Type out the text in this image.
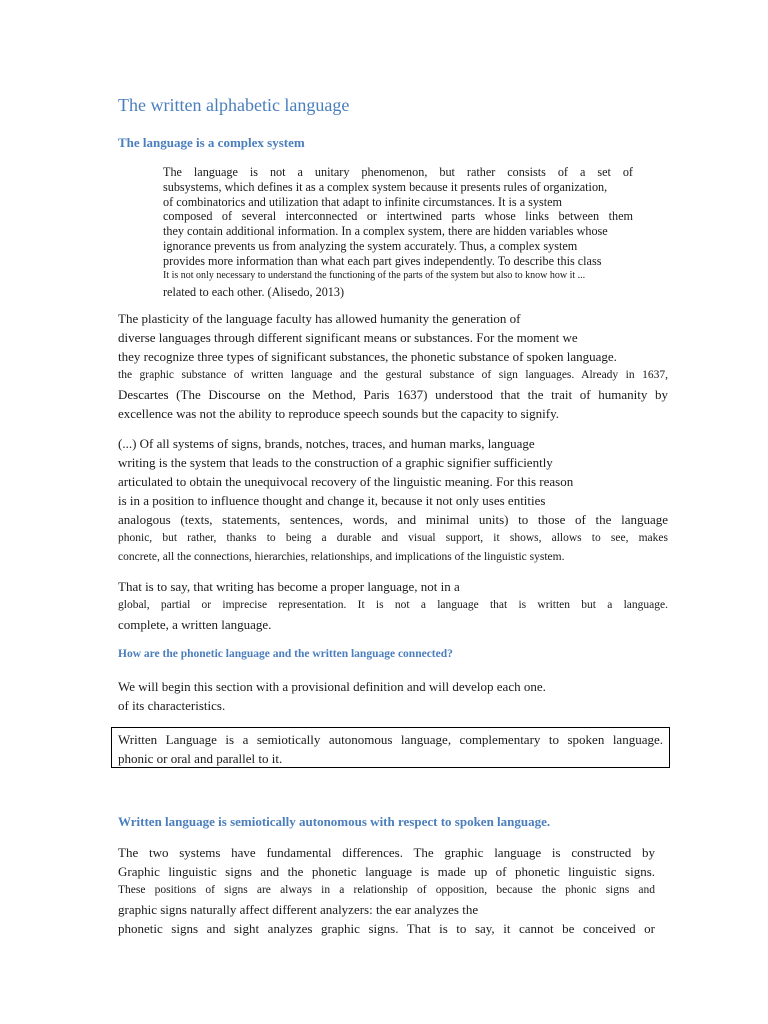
The written alphabetic language
The language is a complex system
The language is not a unitary phenomenon, but rather consists of a set of
subsystems, which defines it as a complex system because it presents rules of organization,
of combinatorics and utilization that adapt to infinite circumstances. It is a system
composed of several interconnected or intertwined parts whose links between them
they contain additional information. In a complex system, there are hidden variables whose
ignorance prevents us from analyzing the system accurately. Thus, a complex system
provides more information than what each part gives independently. To describe this class
It is not only necessary to understand the functioning of the parts of the system but also to know how it ...
related to each other. (Alisedo, 2013)
The plasticity of the language faculty has allowed humanity the generation of
diverse languages through different significant means or substances. For the moment we
they recognize three types of significant substances, the phonetic substance of spoken language.
the graphic substance of written language and the gestural substance of sign languages. Already in 1637,
Descartes (The Discourse on the Method, Paris 1637) understood that the trait of humanity by
excellence was not the ability to reproduce speech sounds but the capacity to signify.
(...) Of all systems of signs, brands, notches, traces, and human marks, language
writing is the system that leads to the construction of a graphic signifier sufficiently
articulated to obtain the unequivocal recovery of the linguistic meaning. For this reason
is in a position to influence thought and change it, because it not only uses entities
analogous (texts, statements, sentences, words, and minimal units) to those of the language
phonic, but rather, thanks to being a durable and visual support, it shows, allows to see, makes
concrete, all the connections, hierarchies, relationships, and implications of the linguistic system.
That is to say, that writing has become a proper language, not in a
global, partial or imprecise representation. It is not a language that is written but a language.
complete, a written language.
How are the phonetic language and the written language connected?
We will begin this section with a provisional definition and will develop each one.
of its characteristics.
Written Language is a semiotically autonomous language, complementary to spoken language.
phonic or oral and parallel to it.
Written language is semiotically autonomous with respect to spoken language.
The two systems have fundamental differences. The graphic language is constructed by
Graphic linguistic signs and the phonetic language is made up of phonetic linguistic signs.
These positions of signs are always in a relationship of opposition, because the phonic signs and
graphic signs naturally affect different analyzers: the ear analyzes the
phonetic signs and sight analyzes graphic signs. That is to say, it cannot be conceived or
